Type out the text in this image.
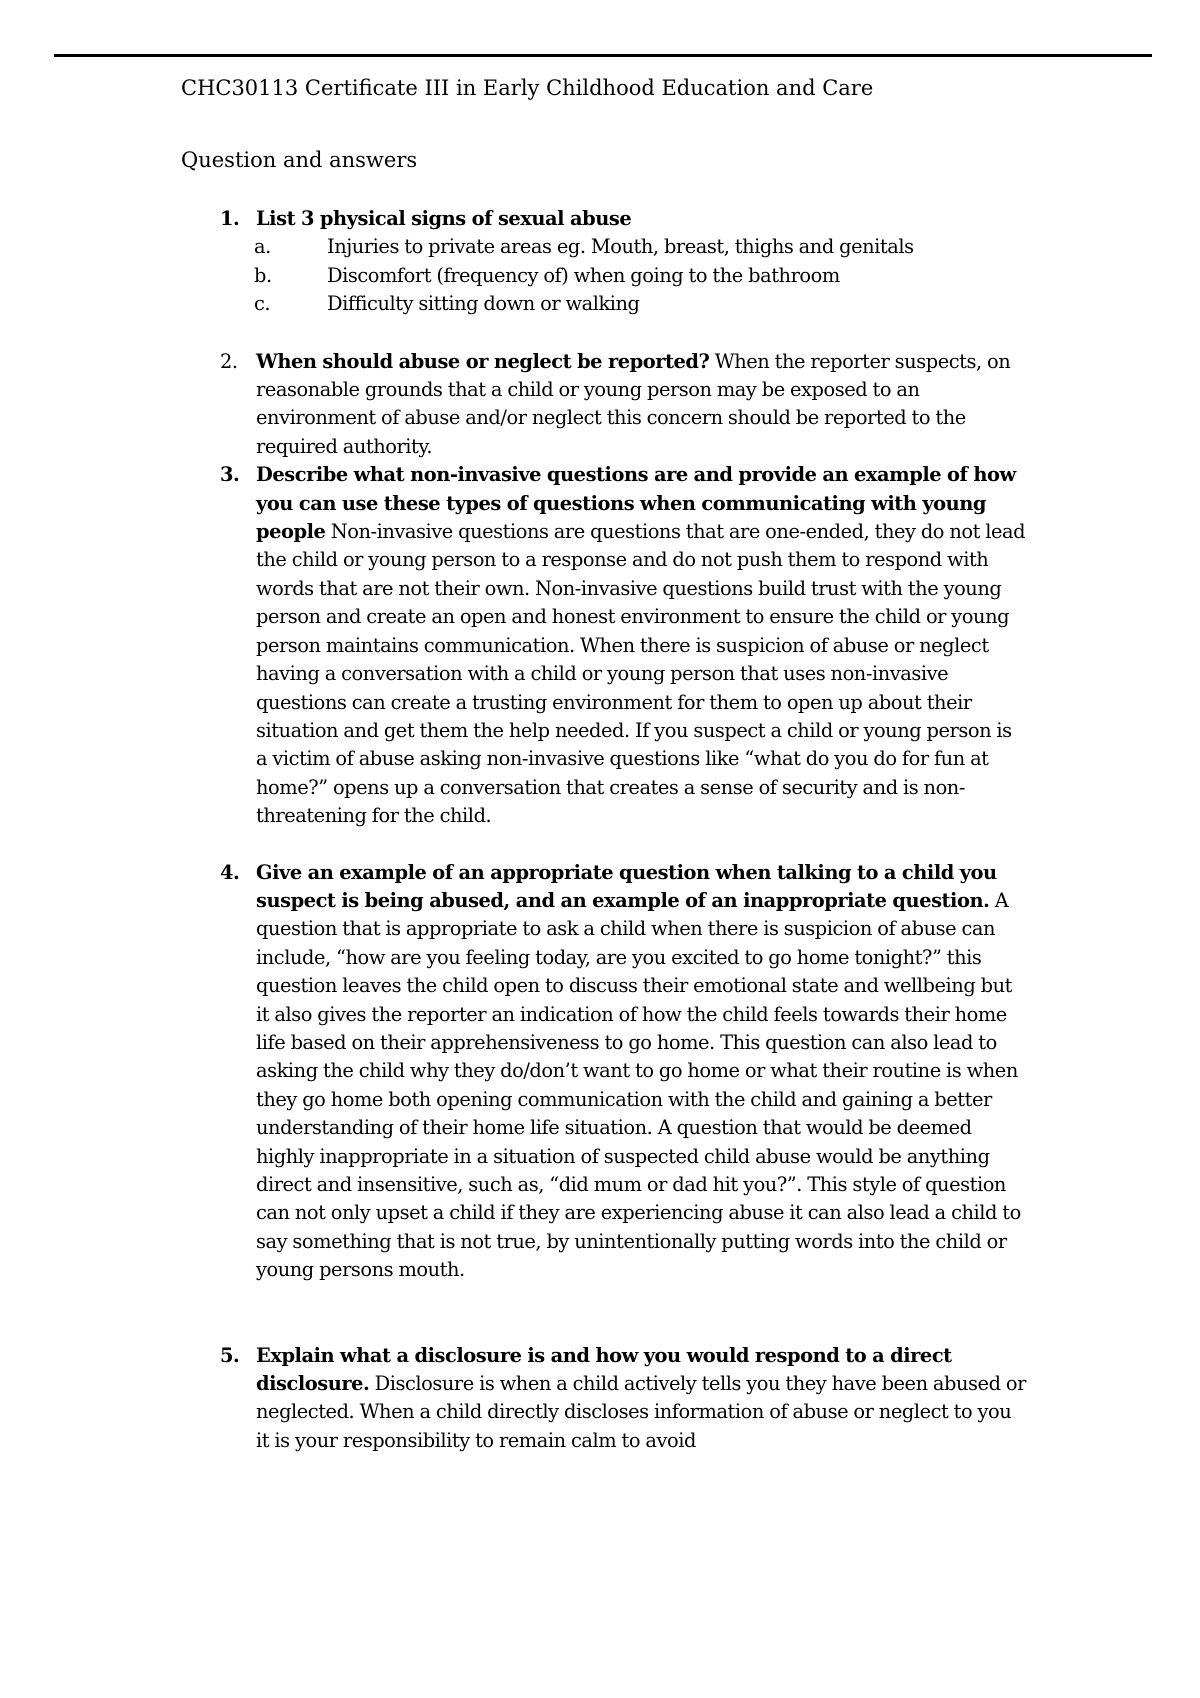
CHC30113 Certificate III in Early Childhood Education and Care
Question and answers
1. List 3 physical signs of sexual abuse
a.	Injuries to private areas eg. Mouth, breast, thighs and genitals
b.	Discomfort (frequency of) when going to the bathroom
c.	Difficulty sitting down or walking
2. When should abuse or neglect be reported? When the reporter suspects, on reasonable grounds that a child or young person may be exposed to an environment of abuse and/or neglect this concern should be reported to the required authority.
3. Describe what non-invasive questions are and provide an example of how you can use these types of questions when communicating with young people Non-invasive questions are questions that are one-ended, they do not lead the child or young person to a response and do not push them to respond with words that are not their own. Non-invasive questions build trust with the young person and create an open and honest environment to ensure the child or young person maintains communication. When there is suspicion of abuse or neglect having a conversation with a child or young person that uses non-invasive questions can create a trusting environment for them to open up about their situation and get them the help needed. If you suspect a child or young person is a victim of abuse asking non-invasive questions like “what do you do for fun at home?” opens up a conversation that creates a sense of security and is non-threatening for the child.
4. Give an example of an appropriate question when talking to a child you suspect is being abused, and an example of an inappropriate question. A question that is appropriate to ask a child when there is suspicion of abuse can include, “how are you feeling today, are you excited to go home tonight?” this question leaves the child open to discuss their emotional state and wellbeing but it also gives the reporter an indication of how the child feels towards their home life based on their apprehensiveness to go home. This question can also lead to asking the child why they do/don’t want to go home or what their routine is when they go home both opening communication with the child and gaining a better understanding of their home life situation. A question that would be deemed highly inappropriate in a situation of suspected child abuse would be anything direct and insensitive, such as, “did mum or dad hit you?”. This style of question can not only upset a child if they are experiencing abuse it can also lead a child to say something that is not true, by unintentionally putting words into the child or young persons mouth.
5. Explain what a disclosure is and how you would respond to a direct disclosure. Disclosure is when a child actively tells you they have been abused or neglected. When a child directly discloses information of abuse or neglect to you it is your responsibility to remain calm to avoid
